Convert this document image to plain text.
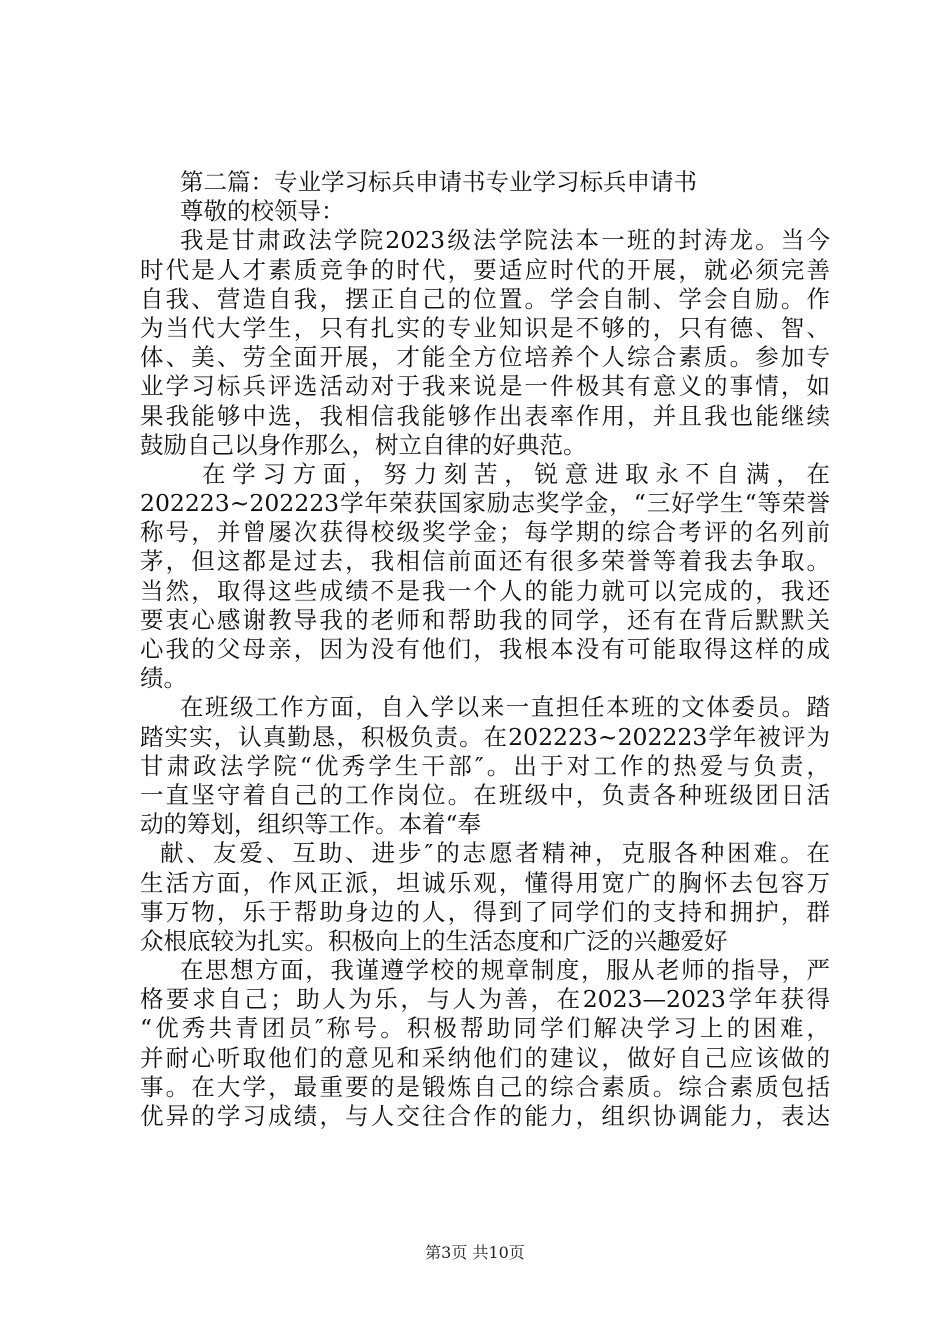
第二篇：专业学习标兵申请书专业学习标兵申请书
尊敬的校领导：
我是甘肃政法学院2023级法学院法本一班的封涛龙。当今
时代是人才素质竞争的时代，要适应时代的开展，就必须完善
自我、营造自我，摆正自己的位置。学会自制、学会自励。作
为当代大学生，只有扎实的专业知识是不够的，只有德、智、
体、美、劳全面开展，才能全方位培养个人综合素质。参加专
业学习标兵评选活动对于我来说是一件极其有意义的事情，如
果我能够中选，我相信我能够作出表率作用，并且我也能继续
鼓励自己以身作那么，树立自律的好典范。
在学习方面，努力刻苦，锐意进取永不自满，在
202223~202223学年荣获国家励志奖学金，“三好学生“等荣誉
称号，并曾屡次获得校级奖学金；每学期的综合考评的名列前
茅，但这都是过去，我相信前面还有很多荣誉等着我去争取。
当然，取得这些成绩不是我一个人的能力就可以完成的，我还
要衷心感谢教导我的老师和帮助我的同学，还有在背后默默关
心我的父母亲，因为没有他们，我根本没有可能取得这样的成
绩。
在班级工作方面，自入学以来一直担任本班的文体委员。踏
踏实实，认真勤恳，积极负责。在202223~202223学年被评为
甘肃政法学院“优秀学生干部″。出于对工作的热爱与负责，
一直坚守着自己的工作岗位。在班级中，负责各种班级团日活
动的筹划，组织等工作。本着“奉
献、友爱、互助、进步″的志愿者精神，克服各种困难。在
生活方面，作风正派，坦诚乐观，懂得用宽广的胸怀去包容万
事万物，乐于帮助身边的人，得到了同学们的支持和拥护，群
众根底较为扎实。积极向上的生活态度和广泛的兴趣爱好
在思想方面，我谨遵学校的规章制度，服从老师的指导，严
格要求自己；助人为乐，与人为善，在2023—2023学年获得
“优秀共青团员″称号。积极帮助同学们解决学习上的困难，
并耐心听取他们的意见和采纳他们的建议，做好自己应该做的
事。在大学，最重要的是锻炼自己的综合素质。综合素质包括
优异的学习成绩，与人交往合作的能力，组织协调能力，表达
第3页 共10页
